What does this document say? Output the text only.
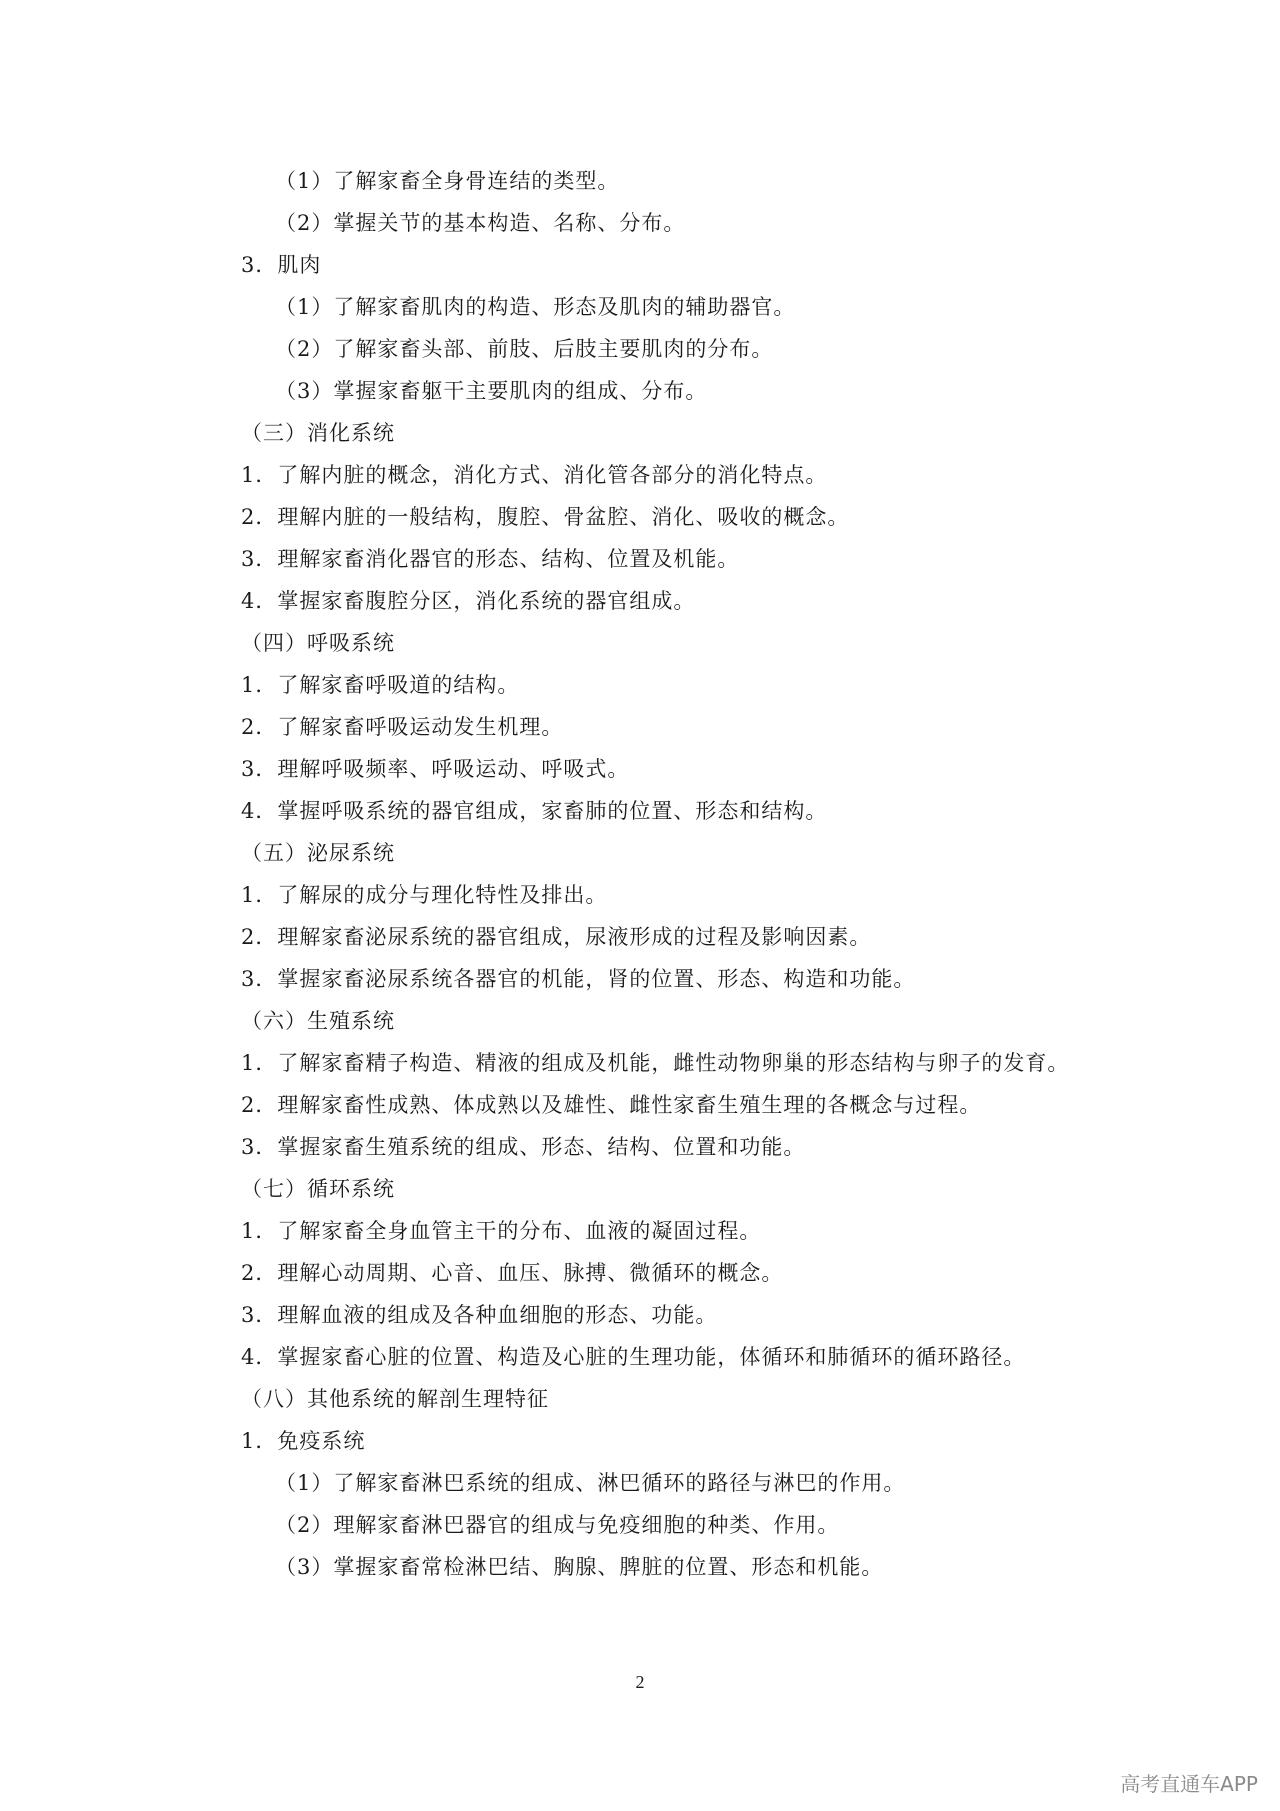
（1）了解家畜全身骨连结的类型。
（2）掌握关节的基本构造、名称、分布。
3．肌肉
（1）了解家畜肌肉的构造、形态及肌肉的辅助器官。
（2）了解家畜头部、前肢、后肢主要肌肉的分布。
（3）掌握家畜躯干主要肌肉的组成、分布。
（三）消化系统
1．了解内脏的概念，消化方式、消化管各部分的消化特点。
2．理解内脏的一般结构，腹腔、骨盆腔、消化、吸收的概念。
3．理解家畜消化器官的形态、结构、位置及机能。
4．掌握家畜腹腔分区，消化系统的器官组成。
（四）呼吸系统
1．了解家畜呼吸道的结构。
2．了解家畜呼吸运动发生机理。
3．理解呼吸频率、呼吸运动、呼吸式。
4．掌握呼吸系统的器官组成，家畜肺的位置、形态和结构。
（五）泌尿系统
1．了解尿的成分与理化特性及排出。
2．理解家畜泌尿系统的器官组成，尿液形成的过程及影响因素。
3．掌握家畜泌尿系统各器官的机能，肾的位置、形态、构造和功能。
（六）生殖系统
1．了解家畜精子构造、精液的组成及机能，雌性动物卵巢的形态结构与卵子的发育。
2．理解家畜性成熟、体成熟以及雄性、雌性家畜生殖生理的各概念与过程。
3．掌握家畜生殖系统的组成、形态、结构、位置和功能。
（七）循环系统
1．了解家畜全身血管主干的分布、血液的凝固过程。
2．理解心动周期、心音、血压、脉搏、微循环的概念。
3．理解血液的组成及各种血细胞的形态、功能。
4．掌握家畜心脏的位置、构造及心脏的生理功能，体循环和肺循环的循环路径。
（八）其他系统的解剖生理特征
1．免疫系统
（1）了解家畜淋巴系统的组成、淋巴循环的路径与淋巴的作用。
（2）理解家畜淋巴器官的组成与免疫细胞的种类、作用。
（3）掌握家畜常检淋巴结、胸腺、脾脏的位置、形态和机能。
2
高考直通车APP
